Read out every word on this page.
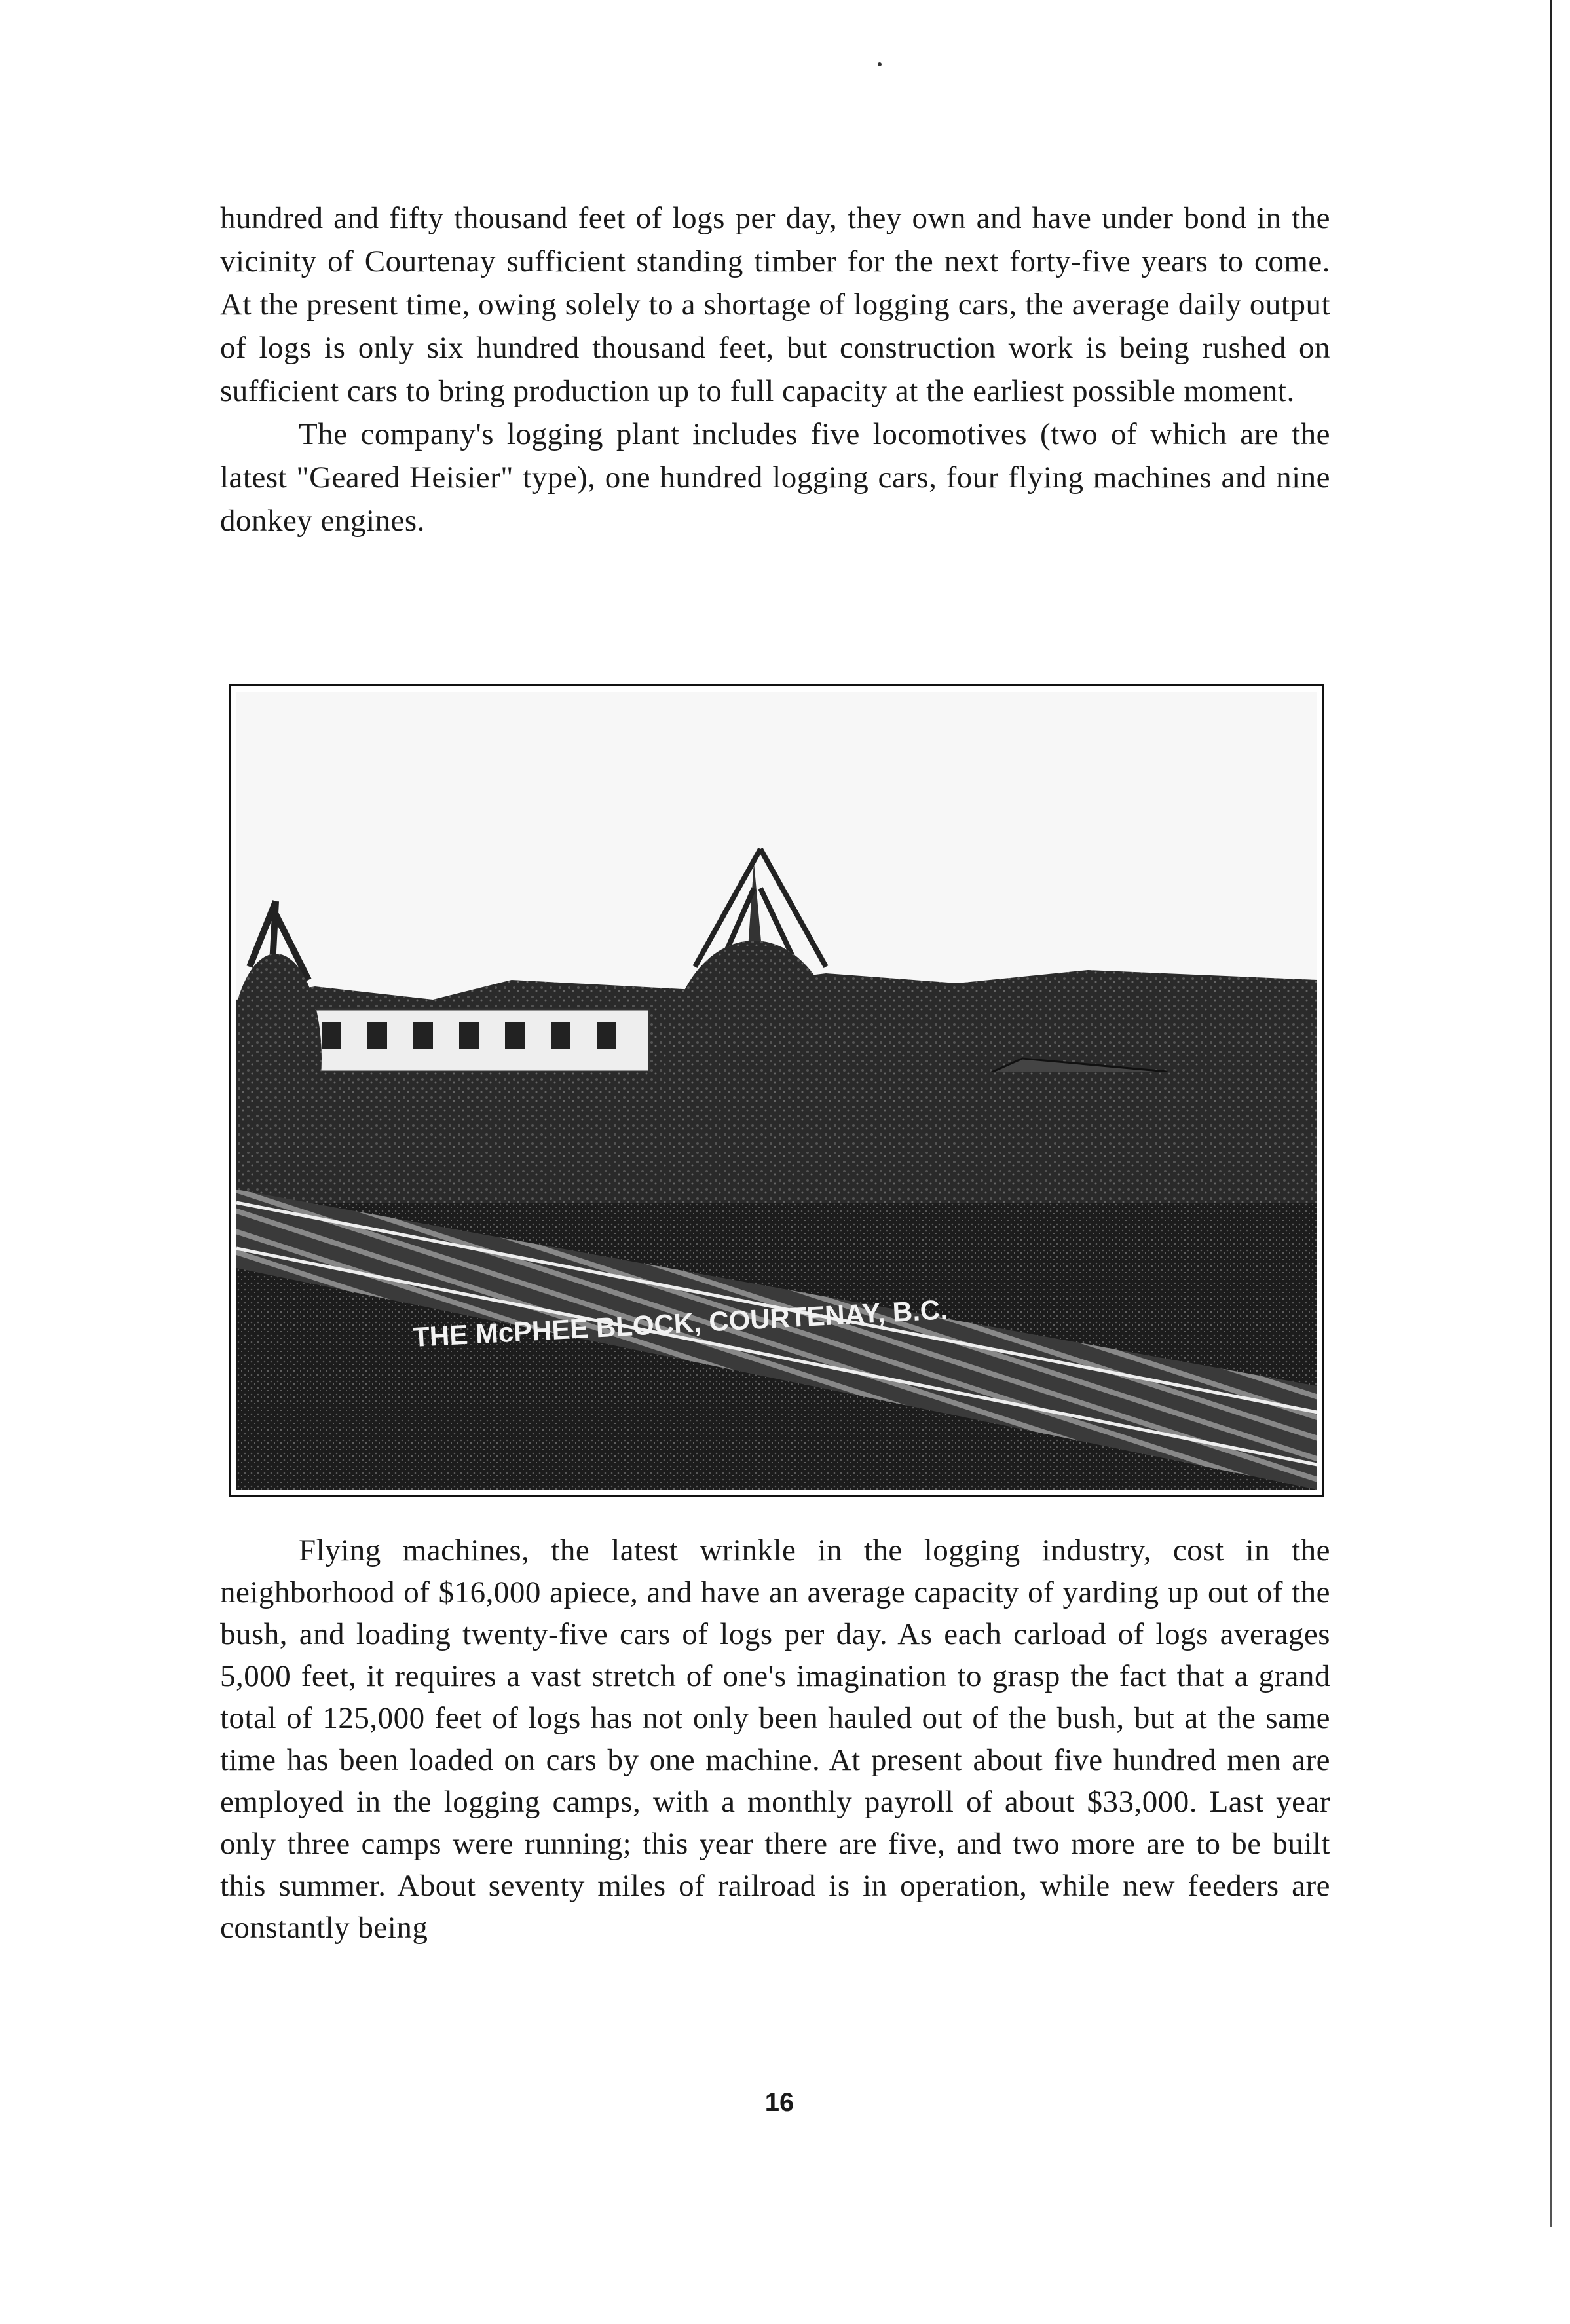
hundred and fifty thousand feet of logs per day, they own and have under bond in the vicinity of Courtenay sufficient standing timber for the next forty-five years to come. At the present time, owing solely to a shortage of logging cars, the average daily output of logs is only six hundred thousand feet, but construction work is being rushed on sufficient cars to bring production up to full capacity at the earliest possible moment.

The company's logging plant includes five locomotives (two of which are the latest "Geared Heisier" type), one hundred logging cars, four flying machines and nine donkey engines.

THE McPHEE BLOCK, COURTENAY, B.C.

Flying machines, the latest wrinkle in the logging industry, cost in the neighborhood of $16,000 apiece, and have an average capacity of yarding up out of the bush, and loading twenty-five cars of logs per day. As each carload of logs averages 5,000 feet, it requires a vast stretch of one's imagination to grasp the fact that a grand total of 125,000 feet of logs has not only been hauled out of the bush, but at the same time has been loaded on cars by one machine. At present about five hundred men are employed in the logging camps, with a monthly payroll of about $33,000. Last year only three camps were running; this year there are five, and two more are to be built this summer. About seventy miles of railroad is in operation, while new feeders are constantly being

16
